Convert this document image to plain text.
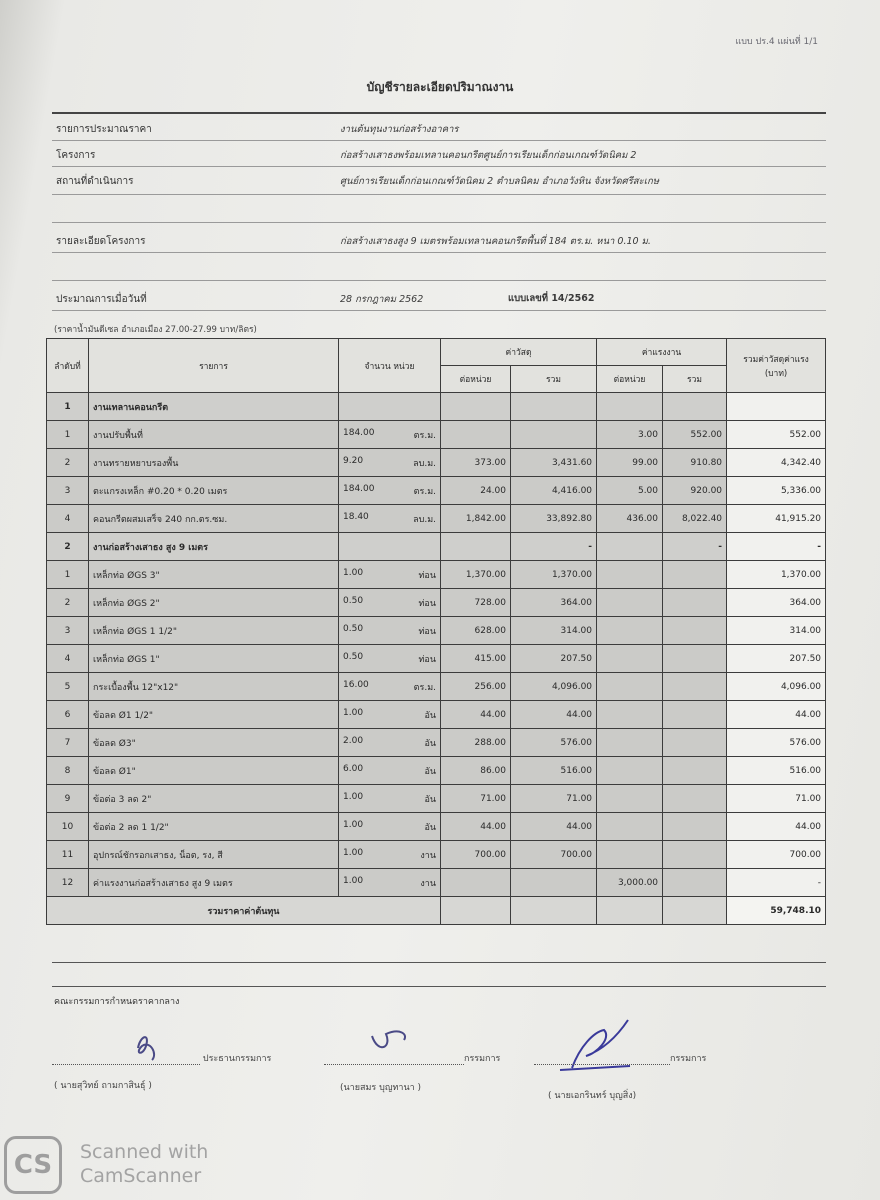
แบบ ปร.4 แผ่นที่ 1/1
บัญชีรายละเอียดปริมาณงาน
รายการประมาณราคา	งานต้นทุนงานก่อสร้างอาคาร
โครงการ	ก่อสร้างเสาธงพร้อมเทลานคอนกรีตศูนย์การเรียนเด็กก่อนเกณฑ์วัดนิคม 2
สถานที่ดำเนินการ	ศูนย์การเรียนเด็กก่อนเกณฑ์วัดนิคม 2 ตำบลนิคม อำเภอวังหิน จังหวัดศรีสะเกษ
รายละเอียดโครงการ	ก่อสร้างเสาธงสูง 9 เมตรพร้อมเทลานคอนกรีตพื้นที่ 184 ตร.ม. หนา 0.10 ม.
ประมาณการเมื่อวันที่	28 กรกฎาคม 2562	แบบเลขที่ 14/2562
(ราคาน้ำมันดีเซล อำเภอเมือง 27.00-27.99 บาท/ลิตร)
ลำดับที่	รายการ	จำนวน หน่วย	ค่าวัสดุ		ค่าแรงงาน		รวมค่าวัสดุค่าแรง
(บาท)

			ต่อหน่วย	รวม	ต่อหน่วย	รวม	
1	งานเทลานคอนกรีต						
1	งานปรับพื้นที่	184.00 ตร.ม.			3.00	552.00	552.00
2	งานทรายหยาบรองพื้น	9.20 ลบ.ม.	373.00	3,431.60	99.00	910.80	4,342.40
3	ตะแกรงเหล็ก #0.20 * 0.20 เมตร	184.00 ตร.ม.	24.00	4,416.00	5.00	920.00	5,336.00
4	คอนกรีตผสมเสร็จ 240 กก.ตร.ซม.	18.40 ลบ.ม.	1,842.00	33,892.80	436.00	8,022.40	41,915.20
2	งานก่อสร้างเสาธง สูง 9 เมตร			-		-	-
1	เหล็กท่อ ØGS 3"	1.00 ท่อน	1,370.00	1,370.00			1,370.00
2	เหล็กท่อ ØGS 2"	0.50 ท่อน	728.00	364.00			364.00
3	เหล็กท่อ ØGS 1 1/2"	0.50 ท่อน	628.00	314.00			314.00
4	เหล็กท่อ ØGS 1"	0.50 ท่อน	415.00	207.50			207.50
5	กระเบื้องพื้น 12"x12"	16.00 ตร.ม.	256.00	4,096.00			4,096.00
6	ข้อลด Ø1 1/2"	1.00 อัน	44.00	44.00			44.00
7	ข้อลด Ø3"	2.00 อัน	288.00	576.00			576.00
8	ข้อลด Ø1"	6.00 อัน	86.00	516.00			516.00
9	ข้อต่อ 3 ลด 2"	1.00 อัน	71.00	71.00			71.00
10	ข้อต่อ 2 ลด 1 1/2"	1.00 อัน	44.00	44.00			44.00
11	อุปกรณ์ชักรอกเสาธง, น็อต, รง, สี	1.00 งาน	700.00	700.00			700.00
12	ค่าแรงงานก่อสร้างเสาธง สูง 9 เมตร	1.00 งาน			3,000.00		-
รวมราคาค่าต้นทุน							59,748.10
คณะกรรมการกำหนดราคากลาง
ประธานกรรมการ	กรรมการ	กรรมการ
( นายสุวิทย์ ถามกาสินธุ์ )	(นายสมร บุญทานา )
( นายเอกรินทร์ บุญสิ่ง)
CS	Scanned with
CamScanner
